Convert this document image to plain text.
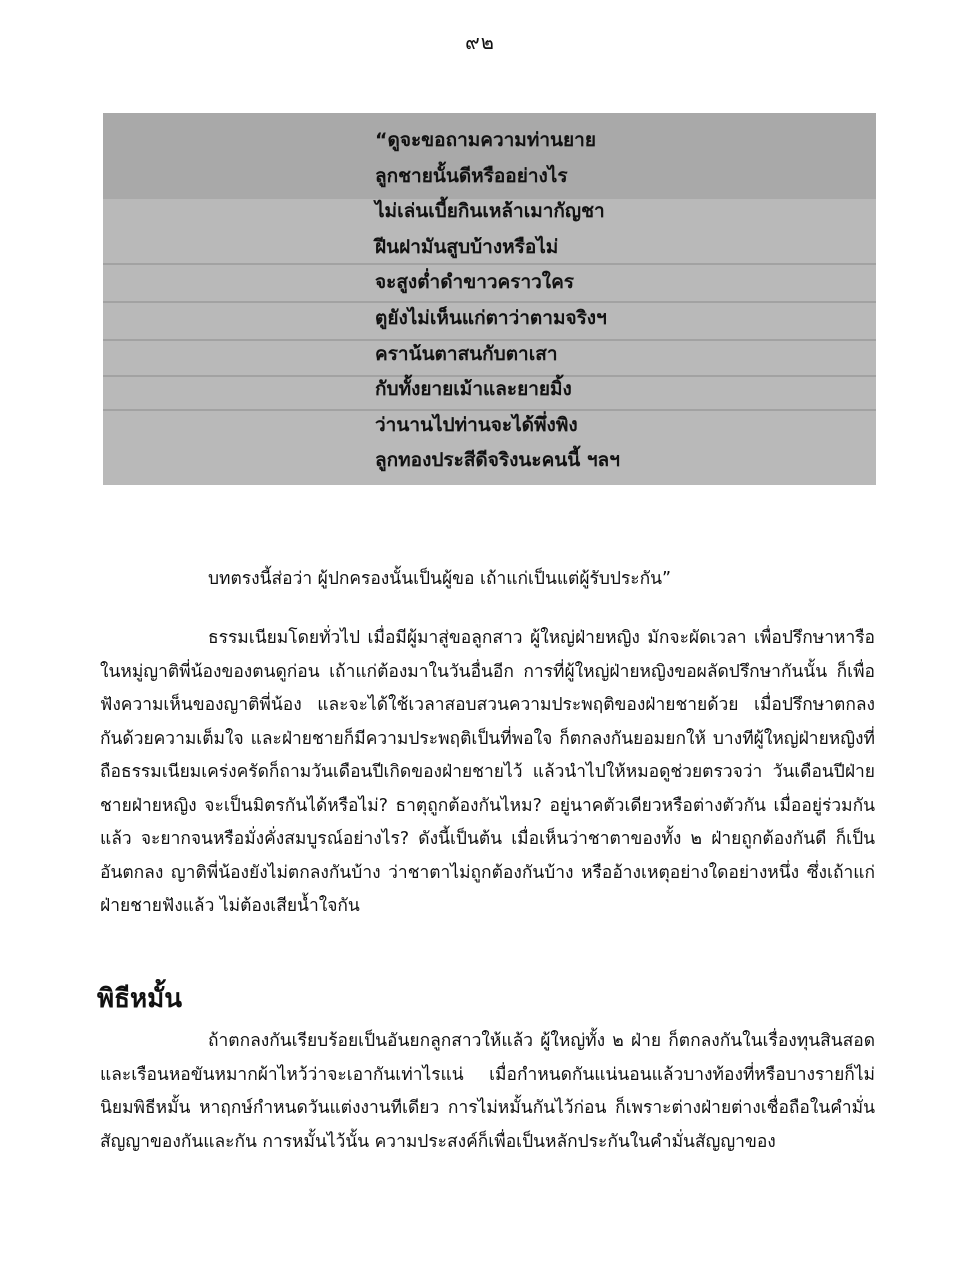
๙๒
“ดูจะขอถามความท่านยาย
ลูกชายนั้นดีหรืออย่างไร
ไม่เล่นเบี้ยกินเหล้าเมากัญชา
ฝีนฝามันสูบบ้างหรือไม่
จะสูงต่ำดำขาวคราวใคร
ตูยังไม่เห็นแก่ตาว่าตามจริงฯ
คราน้นตาสนกับตาเสา
กับทั้งยายเม้าและยายมิ้ง
ว่านานไปท่านจะได้พึ่งพิง
ลูกทองประสีดีจริงนะคนนี้ ฯลฯ
บทตรงนี้ส่อว่า ผู้ปกครองนั้นเป็นผู้ขอ เถ้าแก่เป็นแต่ผู้รับประกัน”

ธรรมเนียมโดยทั่วไป เมื่อมีผู้มาสู่ขอลูกสาว ผู้ใหญ่ฝ่ายหญิง มักจะผัดเวลา เพื่อปรึกษาหารือในหมู่ญาติพี่น้องของตนดูก่อน เถ้าแก่ต้องมาในวันอื่นอีก การที่ผู้ใหญ่ฝ่ายหญิงขอผลัดปรึกษากันนั้น ก็เพื่อฟังความเห็นของญาติพี่น้อง และจะได้ใช้เวลาสอบสวนความประพฤติของฝ่ายชายด้วย เมื่อปรึกษาตกลงกันด้วยความเต็มใจ และฝ่ายชายก็มีความประพฤติเป็นที่พอใจ ก็ตกลงกันยอมยกให้ บางทีผู้ใหญ่ฝ่ายหญิงที่ถือธรรมเนียมเคร่งครัดก็ถามวันเดือนปีเกิดของฝ่ายชายไว้ แล้วนำไปให้หมอดูช่วยตรวจว่า วันเดือนปีฝ่ายชายฝ่ายหญิง จะเป็นมิตรกันได้หรือไม่? ธาตุถูกต้องกันไหม? อยู่นาคตัวเดียวหรือต่างตัวกัน เมื่ออยู่ร่วมกันแล้ว จะยากจนหรือมั่งคั่งสมบูรณ์อย่างไร? ดังนี้เป็นต้น เมื่อเห็นว่าชาตาของทั้ง ๒ ฝ่ายถูกต้องกันดี ก็เป็นอันตกลง ญาติพี่น้องยังไม่ตกลงกันบ้าง ว่าชาตาไม่ถูกต้องกันบ้าง หรืออ้างเหตุอย่างใดอย่างหนึ่ง ซึ่งเถ้าแก่ฝ่ายชายฟังแล้ว ไม่ต้องเสียน้ำใจกัน

พิธีหมั้น

ถ้าตกลงกันเรียบร้อยเป็นอันยกลูกสาวให้แล้ว ผู้ใหญ่ทั้ง ๒ ฝ่าย ก็ตกลงกันในเรื่องทุนสินสอดและเรือนหอขันหมากผ้าไหว้ว่าจะเอากันเท่าไรแน่ เมื่อกำหนดกันแน่นอนแล้วบางท้องที่หรือบางรายก็ไม่นิยมพิธีหมั้น หาฤกษ์กำหนดวันแต่งงานทีเดียว การไม่หมั้นกันไว้ก่อน ก็เพราะต่างฝ่ายต่างเชื่อถือในคำมั่นสัญญาของกันและกัน การหมั้นไว้นั้น ความประสงค์ก็เพื่อเป็นหลักประกันในคำมั่นสัญญาของ
